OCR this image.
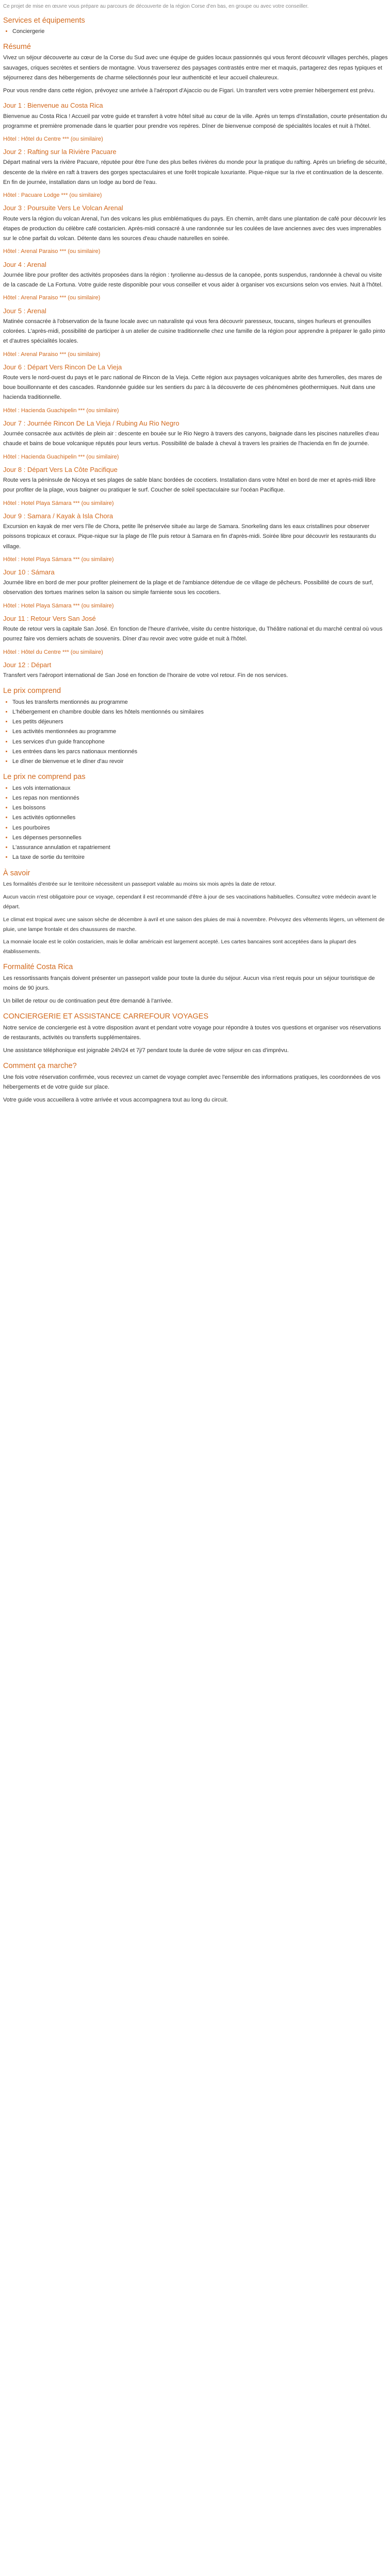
Ce projet de mise en œuvre vous prépare au parcours de découverte de la région Corse d'en bas, en groupe ou avec votre conseiller.

Services et équipements
• Conciergerie
Résumé

Vivez un séjour découverte au cœur de la Corse du Sud avec une équipe de guides locaux passionnés qui vous feront découvrir villages perchés, plages sauvages, criques secrètes et sentiers de montagne. Vous traverserez des paysages contrastés entre mer et maquis, partagerez des repas typiques et séjournerez dans des hébergements de charme sélectionnés pour leur authenticité et leur accueil chaleureux.

Pour vous rendre dans cette région, prévoyez une arrivée à l'aéroport d'Ajaccio ou de Figari. Un transfert vers votre premier hébergement est prévu.

Jour 1 : Bienvenue au Costa Rica

Bienvenue au Costa Rica ! Accueil par votre guide et transfert à votre hôtel situé au cœur de la ville. Après un temps d'installation, courte présentation du programme et première promenade dans le quartier pour prendre vos repères. Dîner de bienvenue composé de spécialités locales et nuit à l'hôtel.

Hôtel : Hôtel du Centre *** (ou similaire)

Jour 2 : Rafting sur la Rivière Pacuare

Départ matinal vers la rivière Pacuare, réputée pour être l'une des plus belles rivières du monde pour la pratique du rafting. Après un briefing de sécurité, descente de la rivière en raft à travers des gorges spectaculaires et une forêt tropicale luxuriante. Pique-nique sur la rive et continuation de la descente. En fin de journée, installation dans un lodge au bord de l'eau.

Hôtel : Pacuare Lodge *** (ou similaire)

Jour 3 : Poursuite Vers Le Volcan Arenal

Route vers la région du volcan Arenal, l'un des volcans les plus emblématiques du pays. En chemin, arrêt dans une plantation de café pour découvrir les étapes de production du célèbre café costaricien. Après-midi consacré à une randonnée sur les coulées de lave anciennes avec des vues imprenables sur le cône parfait du volcan. Détente dans les sources d'eau chaude naturelles en soirée.

Hôtel : Arenal Paraiso *** (ou similaire)

Jour 4 : Arenal

Journée libre pour profiter des activités proposées dans la région : tyrolienne au-dessus de la canopée, ponts suspendus, randonnée à cheval ou visite de la cascade de La Fortuna. Votre guide reste disponible pour vous conseiller et vous aider à organiser vos excursions selon vos envies. Nuit à l'hôtel.

Hôtel : Arenal Paraiso *** (ou similaire)

Jour 5 : Arenal

Matinée consacrée à l'observation de la faune locale avec un naturaliste qui vous fera découvrir paresseux, toucans, singes hurleurs et grenouilles colorées. L'après-midi, possibilité de participer à un atelier de cuisine traditionnelle chez une famille de la région pour apprendre à préparer le gallo pinto et d'autres spécialités locales.

Hôtel : Arenal Paraiso *** (ou similaire)

Jour 6 : Départ Vers Rincon De La Vieja

Route vers le nord-ouest du pays et le parc national de Rincon de la Vieja. Cette région aux paysages volcaniques abrite des fumerolles, des mares de boue bouillonnante et des cascades. Randonnée guidée sur les sentiers du parc à la découverte de ces phénomènes géothermiques. Nuit dans une hacienda traditionnelle.

Hôtel : Hacienda Guachipelin *** (ou similaire)

Jour 7 : Journée Rincon De La Vieja / Rubing Au Rio Negro

Journée consacrée aux activités de plein air : descente en bouée sur le Rio Negro à travers des canyons, baignade dans les piscines naturelles d'eau chaude et bains de boue volcanique réputés pour leurs vertus. Possibilité de balade à cheval à travers les prairies de l'hacienda en fin de journée.

Hôtel : Hacienda Guachipelin *** (ou similaire)

Jour 8 : Départ Vers La Côte Pacifique

Route vers la péninsule de Nicoya et ses plages de sable blanc bordées de cocotiers. Installation dans votre hôtel en bord de mer et après-midi libre pour profiter de la plage, vous baigner ou pratiquer le surf. Coucher de soleil spectaculaire sur l'océan Pacifique.

Hôtel : Hotel Playa Sámara *** (ou similaire)

Jour 9 : Samara / Kayak à Isla Chora

Excursion en kayak de mer vers l'île de Chora, petite île préservée située au large de Samara. Snorkeling dans les eaux cristallines pour observer poissons tropicaux et coraux. Pique-nique sur la plage de l'île puis retour à Samara en fin d'après-midi. Soirée libre pour découvrir les restaurants du village.

Hôtel : Hotel Playa Sámara *** (ou similaire)

Jour 10 : Sámara

Journée libre en bord de mer pour profiter pleinement de la plage et de l'ambiance détendue de ce village de pêcheurs. Possibilité de cours de surf, observation des tortues marines selon la saison ou simple farniente sous les cocotiers.

Hôtel : Hotel Playa Sámara *** (ou similaire)

Jour 11 : Retour Vers San José

Route de retour vers la capitale San José. En fonction de l'heure d'arrivée, visite du centre historique, du Théâtre national et du marché central où vous pourrez faire vos derniers achats de souvenirs. Dîner d'au revoir avec votre guide et nuit à l'hôtel.

Hôtel : Hôtel du Centre *** (ou similaire)

Jour 12 : Départ

Transfert vers l'aéroport international de San José en fonction de l'horaire de votre vol retour. Fin de nos services.

Le prix comprend
• Tous les transferts mentionnés au programme
• L'hébergement en chambre double dans les hôtels mentionnés ou similaires
• Les petits déjeuners
• Les activités mentionnées au programme
• Les services d'un guide francophone
• Les entrées dans les parcs nationaux mentionnés
• Le dîner de bienvenue et le dîner d'au revoir
Le prix ne comprend pas
• Les vols internationaux
• Les repas non mentionnés
• Les boissons
• Les activités optionnelles
• Les pourboires
• Les dépenses personnelles
• L'assurance annulation et rapatriement
• La taxe de sortie du territoire
À savoir

Les formalités d'entrée sur le territoire nécessitent un passeport valable au moins six mois après la date de retour.

Aucun vaccin n'est obligatoire pour ce voyage, cependant il est recommandé d'être à jour de ses vaccinations habituelles. Consultez votre médecin avant le départ.

Le climat est tropical avec une saison sèche de décembre à avril et une saison des pluies de mai à novembre. Prévoyez des vêtements légers, un vêtement de pluie, une lampe frontale et des chaussures de marche.

La monnaie locale est le colón costaricien, mais le dollar américain est largement accepté. Les cartes bancaires sont acceptées dans la plupart des établissements.

Formalité Costa Rica

Les ressortissants français doivent présenter un passeport valide pour toute la durée du séjour. Aucun visa n'est requis pour un séjour touristique de moins de 90 jours.

Un billet de retour ou de continuation peut être demandé à l'arrivée.

CONCIERGERIE ET ASSISTANCE CARREFOUR VOYAGES

Notre service de conciergerie est à votre disposition avant et pendant votre voyage pour répondre à toutes vos questions et organiser vos réservations de restaurants, activités ou transferts supplémentaires.

Une assistance téléphonique est joignable 24h/24 et 7j/7 pendant toute la durée de votre séjour en cas d'imprévu.

Comment ça marche?

Une fois votre réservation confirmée, vous recevrez un carnet de voyage complet avec l'ensemble des informations pratiques, les coordonnées de vos hébergements et de votre guide sur place.

Votre guide vous accueillera à votre arrivée et vous accompagnera tout au long du circuit.
